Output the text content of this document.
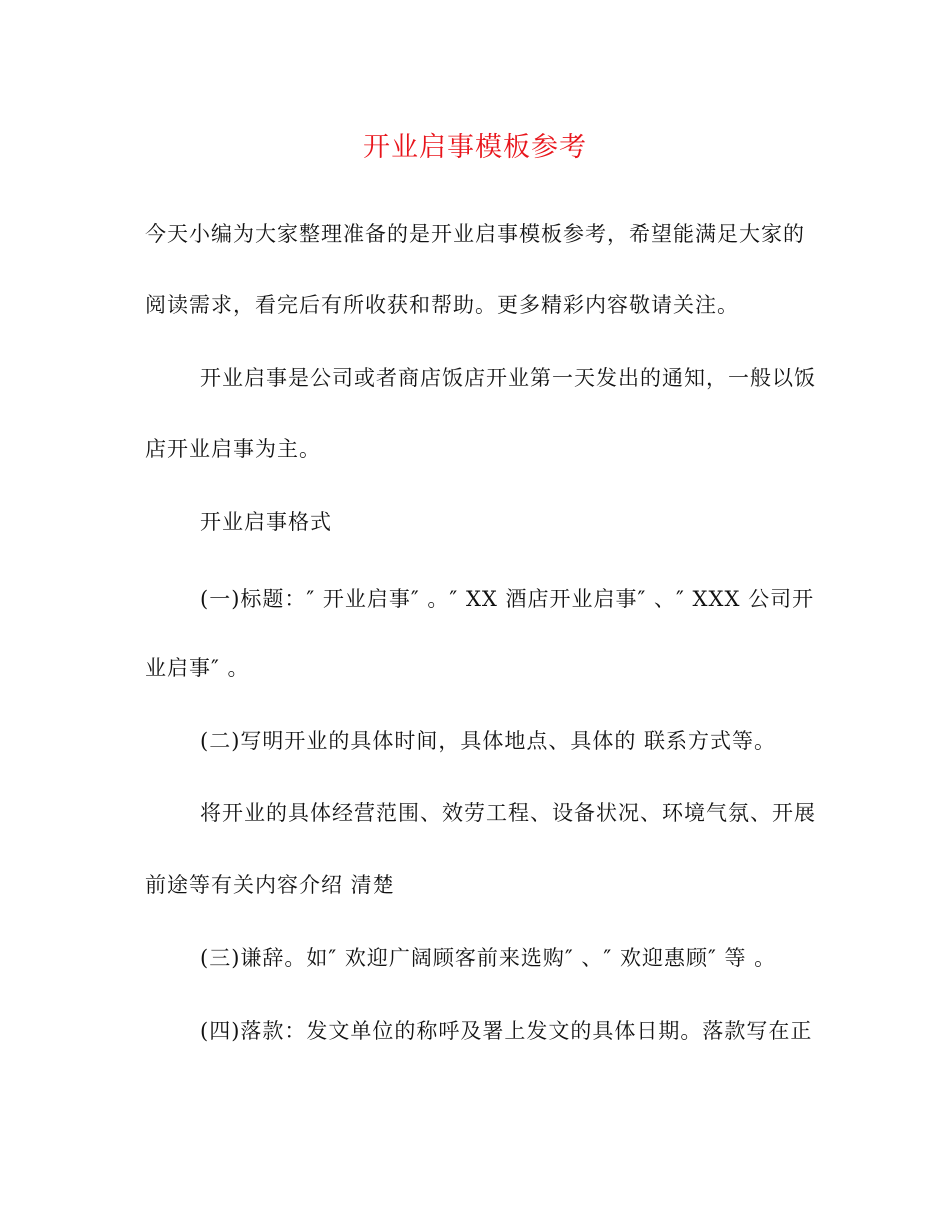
开业启事模板参考
今天小编为大家整理准备的是开业启事模板参考，希望能满足大家的
阅读需求，看完后有所收获和帮助。更多精彩内容敬请关注。
开业启事是公司或者商店饭店开业第一天发出的通知，一般以饭
店开业启事为主。
开业启事格式
(一)标题：″ 开业启事″ 。″ XX 酒店开业启事″ 、″ XXX 公司开
业启事″ 。
(二)写明开业的具体时间，具体地点、具体的 联系方式等。
将开业的具体经营范围、效劳工程、设备状况、环境气氛、开展
前途等有关内容介绍 清楚
(三)谦辞。如″ 欢迎广阔顾客前来选购″ 、″ 欢迎惠顾″ 等 。
(四)落款：发文单位的称呼及署上发文的具体日期。落款写在正
